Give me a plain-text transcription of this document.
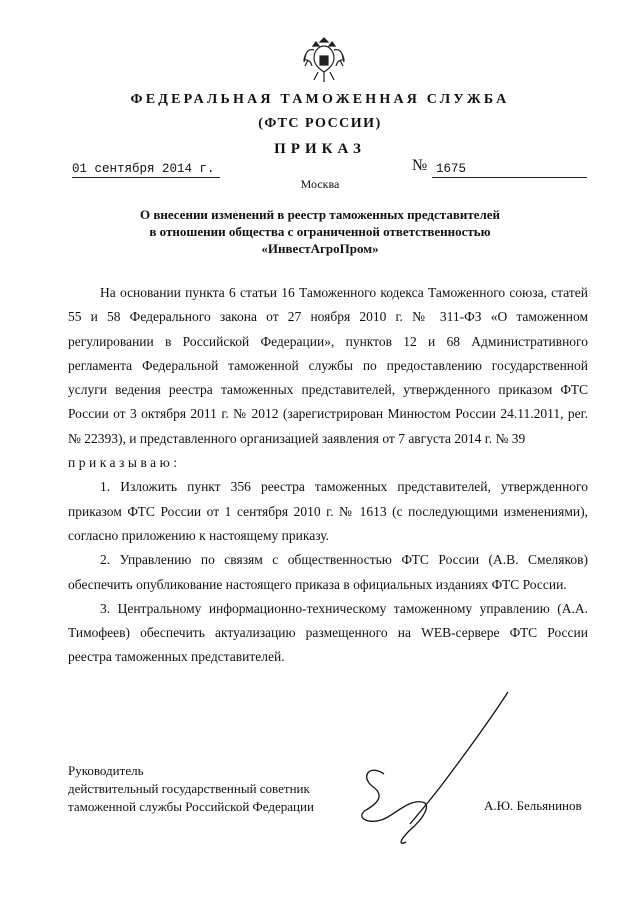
ФЕДЕРАЛЬНАЯ ТАМОЖЕННАЯ СЛУЖБА
(ФТС РОССИИ)
ПРИКАЗ
01 сентября 2014 г.	№ 1675
Москва
О внесении изменений в реестр таможенных представителей
в отношении общества с ограниченной ответственностью
«ИнвестАгроПром»

На основании пункта 6 статьи 16 Таможенного кодекса Таможенного союза, статей 55 и 58 Федерального закона от 27 ноября 2010 г. № 311-ФЗ «О таможенном регулировании в Российской Федерации», пунктов 12 и 68 Административного регламента Федеральной таможенной службы по предоставлению государственной услуги ведения реестра таможенных представителей, утвержденного приказом ФТС России от 3 октября 2011 г. № 2012 (зарегистрирован Минюстом России 24.11.2011, рег. № 22393), и представленного организацией заявления от 7 августа 2014 г. № 39

приказываю:

1. Изложить пункт 356 реестра таможенных представителей, утвержденного приказом ФТС России от 1 сентября 2010 г. № 1613 (с последующими изменениями), согласно приложению к настоящему приказу.

2. Управлению по связям с общественностью ФТС России (А.В. Смеляков) обеспечить опубликование настоящего приказа в официальных изданиях ФТС России.

3. Центральному информационно-техническому таможенному управлению (А.А. Тимофеев) обеспечить актуализацию размещенного на WEB-сервере ФТС России реестра таможенных представителей.

Руководитель
действительный государственный советник
таможенной службы Российской Федерации	А.Ю. Бельянинов
